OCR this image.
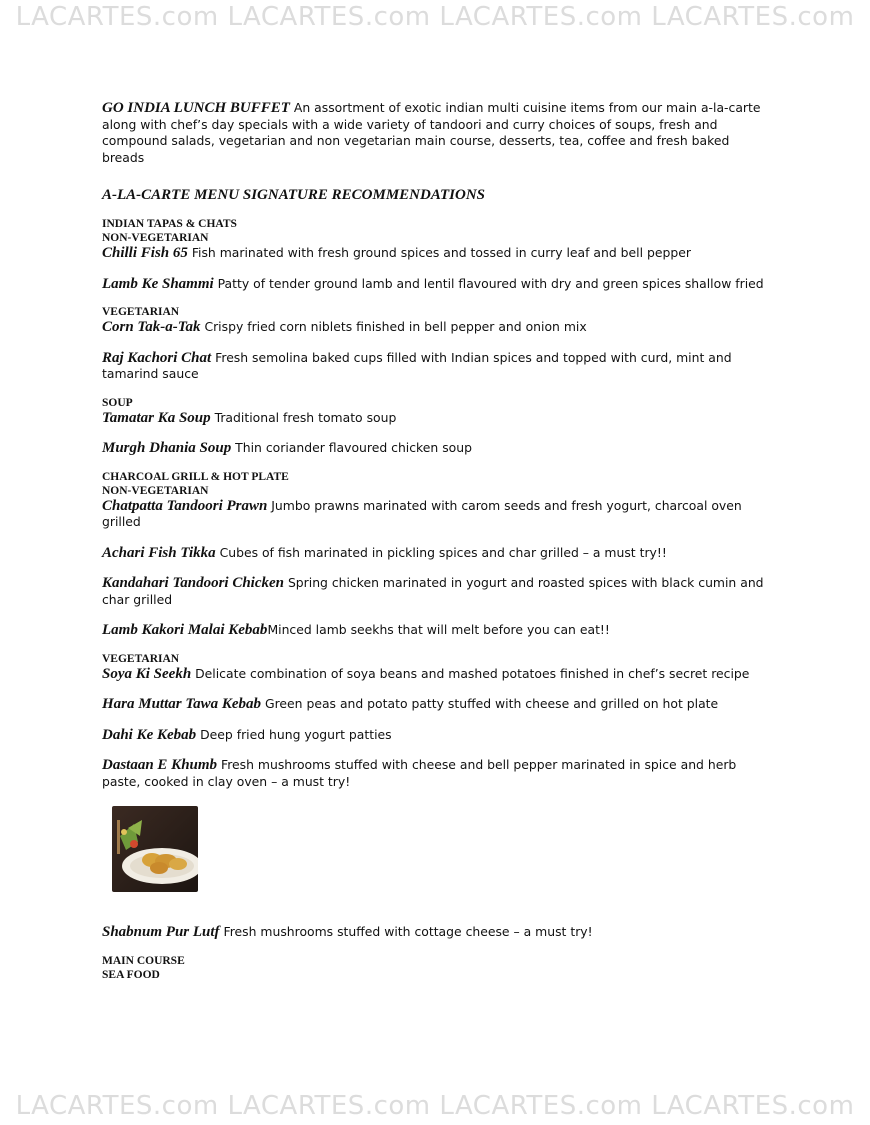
LACARTES.com LACARTES.com LACARTES.com LACARTES.com

GO INDIA LUNCH BUFFET An assortment of exotic indian multi cuisine items from our main a-la-carte along with chef’s day specials with a wide variety of tandoori and curry choices of soups, fresh and compound salads, vegetarian and non vegetarian main course, desserts, tea, coffee and fresh baked breads

A-LA-CARTE MENU SIGNATURE RECOMMENDATIONS
INDIAN TAPAS & CHATS
NON-VEGETARIAN

Chilli Fish 65 Fish marinated with fresh ground spices and tossed in curry leaf and bell pepper

Lamb Ke Shammi Patty of tender ground lamb and lentil flavoured with dry and green spices shallow fried

VEGETARIAN

Corn Tak-a-Tak Crispy fried corn niblets finished in bell pepper and onion mix

Raj Kachori Chat Fresh semolina baked cups filled with Indian spices and topped with curd, mint and tamarind sauce

SOUP

Tamatar Ka Soup Traditional fresh tomato soup

Murgh Dhania Soup Thin coriander flavoured chicken soup

CHARCOAL GRILL & HOT PLATE
NON-VEGETARIAN

Chatpatta Tandoori Prawn Jumbo prawns marinated with carom seeds and fresh yogurt, charcoal oven grilled

Achari Fish Tikka Cubes of fish marinated in pickling spices and char grilled – a must try!!

Kandahari Tandoori Chicken Spring chicken marinated in yogurt and roasted spices with black cumin and char grilled

Lamb Kakori Malai KebabMinced lamb seekhs that will melt before you can eat!!

VEGETARIAN

Soya Ki Seekh Delicate combination of soya beans and mashed potatoes finished in chef’s secret recipe

Hara Muttar Tawa Kebab Green peas and potato patty stuffed with cheese and grilled on hot plate

Dahi Ke Kebab Deep fried hung yogurt patties

Dastaan E Khumb Fresh mushrooms stuffed with cheese and bell pepper marinated in spice and herb paste, cooked in clay oven – a must try!

Shabnum Pur Lutf Fresh mushrooms stuffed with cottage cheese – a must try!

MAIN COURSE
SEA FOOD
LACARTES.com LACARTES.com LACARTES.com LACARTES.com
